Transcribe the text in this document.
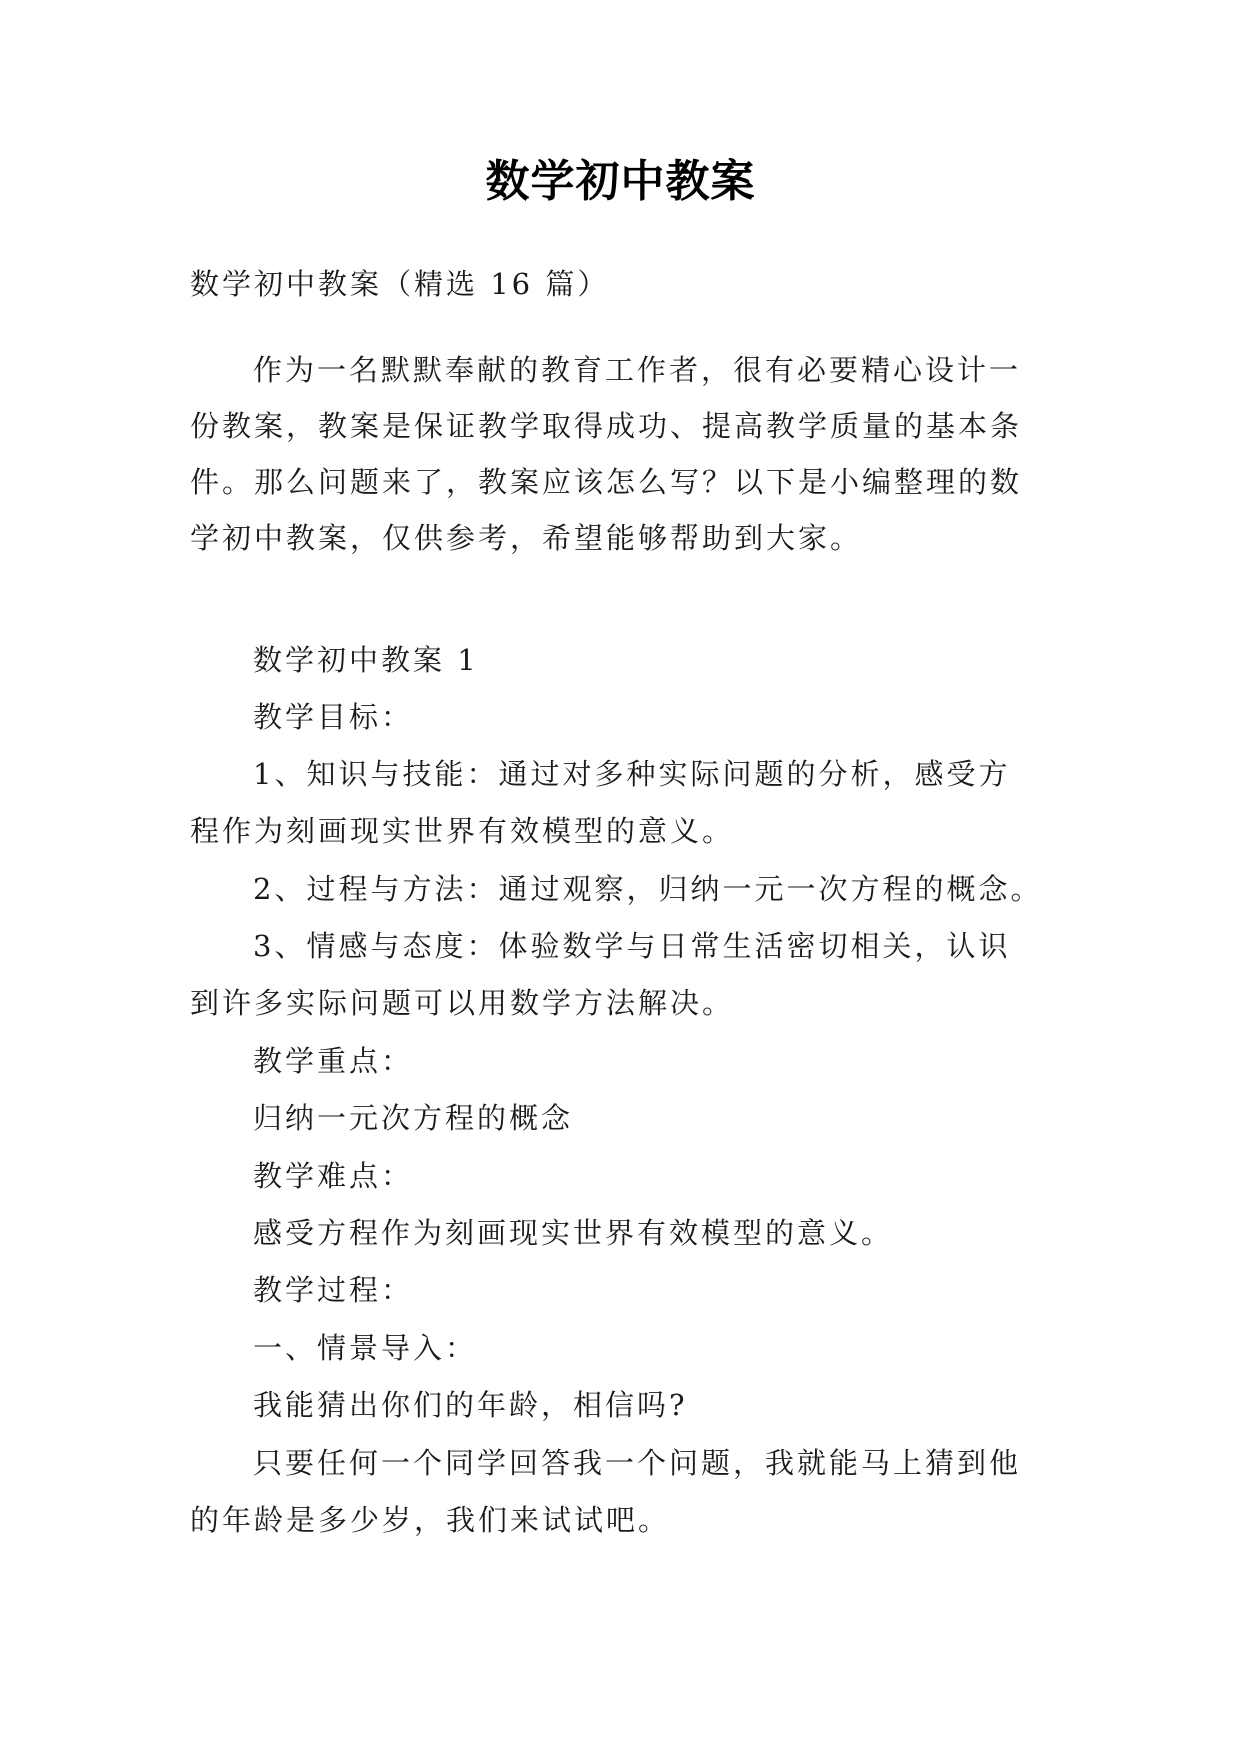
数学初中教案
数学初中教案（精选 16 篇）
作为一名默默奉献的教育工作者，很有必要精心设计一
份教案，教案是保证教学取得成功、提高教学质量的基本条
件。那么问题来了，教案应该怎么写？以下是小编整理的数
学初中教案，仅供参考，希望能够帮助到大家。
数学初中教案 1
教学目标：
1、知识与技能：通过对多种实际问题的分析，感受方
程作为刻画现实世界有效模型的意义。
2、过程与方法：通过观察，归纳一元一次方程的概念。
3、情感与态度：体验数学与日常生活密切相关，认识
到许多实际问题可以用数学方法解决。
教学重点：
归纳一元次方程的概念
教学难点：
感受方程作为刻画现实世界有效模型的意义。
教学过程：
一、情景导入：
我能猜出你们的年龄，相信吗?
只要任何一个同学回答我一个问题，我就能马上猜到他
的年龄是多少岁，我们来试试吧。
